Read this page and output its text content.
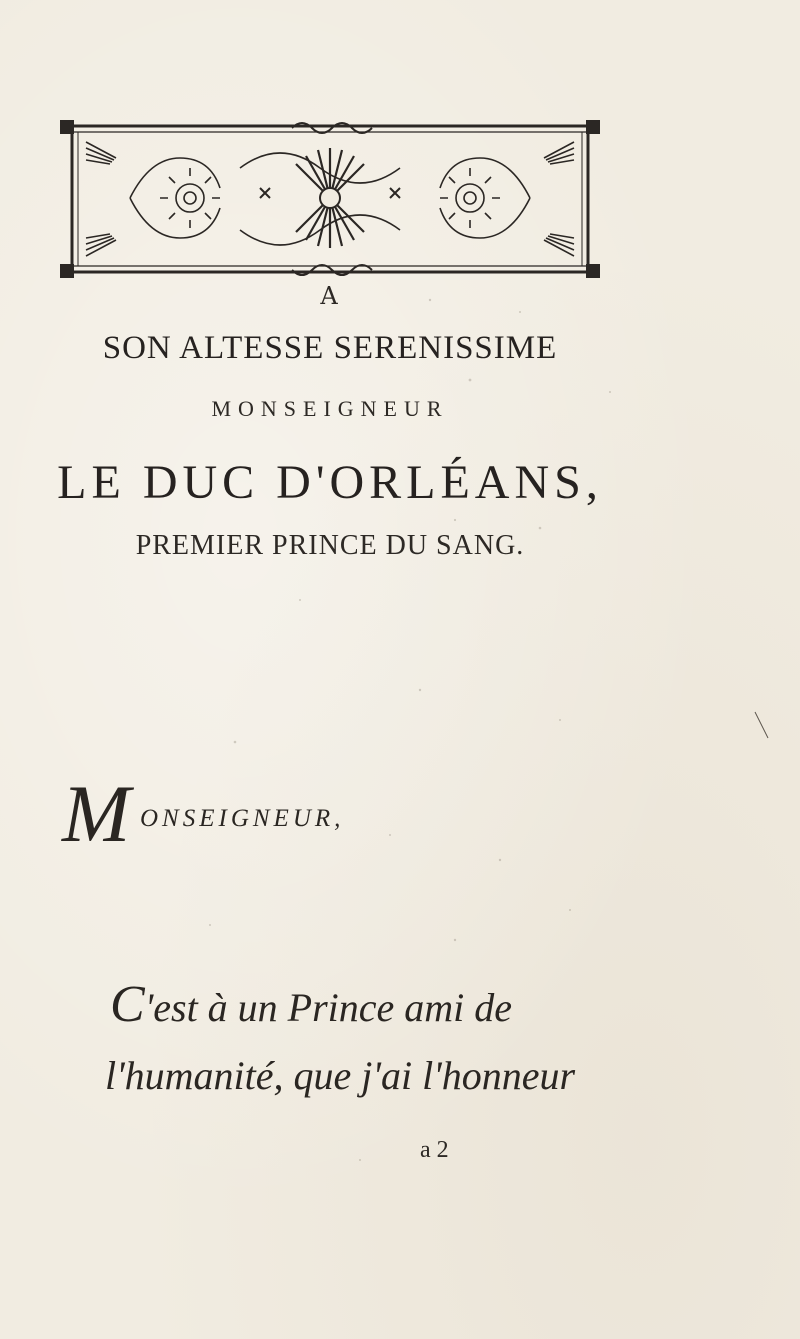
A
SON ALTESSE SERENISSIME
MONSEIGNEUR
LE DUC D'ORLÉANS,
PREMIER PRINCE DU SANG.
M ONSEIGNEUR,
C'est à un Prince ami de
l'humanité, que j'ai l'honneur
a 2
